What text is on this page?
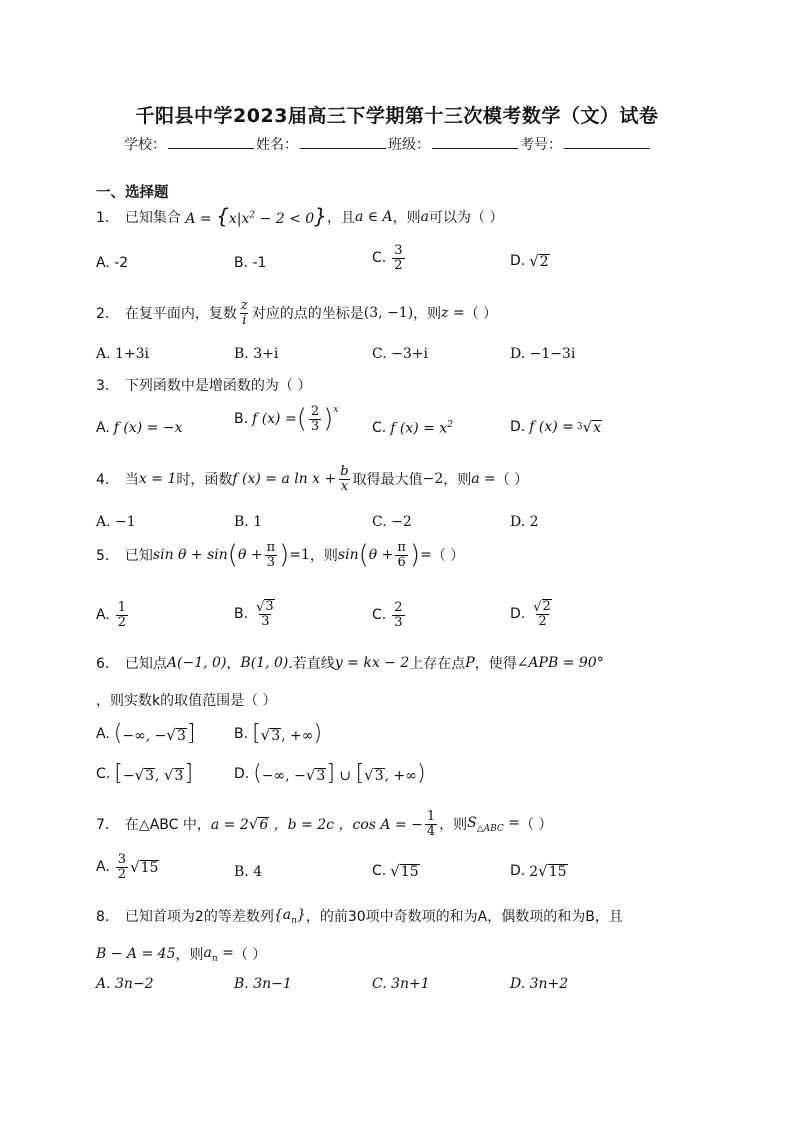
千阳县中学2023届高三下学期第十三次模考数学（文）试卷
学校：	姓名：	班级：	考号：
一、选择题
1． 已知集合 $A = \{x|x^2 - 2 < 0\}$ ，且 a ∈ A ，则 a 可以为（ ）
A. -2	B. -1	C. $\frac{3}{2}$	D. √ 2
2． 在复平面内，复数 $\frac{z}{i}$ 对应的点的坐标是 (3, −1) ，则 z = （ ）
A. 1+3i	B. 3+i	C. −3+i	D. −1−3i
3． 下列函数中是增函数的为（ ）
A. f (x) = −x
B. f (x) = ( $\frac{2}{3} )^x$
C. f $(x) = x^2$	D. f (x) = 3 √ x
4． 当 x = 1 时，函数 f (x) = a $\ln x + \frac{b}{x}$ 取得最大值 −2 ，则 a = （ ）
A. −1	B. 1	C. −2	D. 2
5． 已知 sin θ + sin ( $\theta + \frac{\pi}{3}$ ) =1 ，则 sin ( $\theta + \frac{\pi}{6}$ ) = （ ）
A. $\frac{1}{2}$	B. $\frac{√ 3}{3}$	C. $\frac{2}{3}$	D. $\frac{√ 2}{2}$
6． 已知点 A(−1, 0) ， B(1, 0) .若直线 y = kx − 2 上存在点 P ，使得 ∠APB = 90°
，则实数k的取值范围是（ ）
A. (−∞, − √ 3 ]	B. [ √ 3 , +∞)
C. [− √ 3 , √ 3 ]	D. (−∞, − √ 3 ] ∪ [ √ 3 , +∞)
7． 在△ABC 中， a = 2 √ 6 ，b = 2c ，cos A = − $\frac{1}{4}$ ，则 $S_{\triangle ABC}$ = （ ）
A. $\frac{3}{2}$ √ 15	B. 4	C. √ 15	D. 2 √ 15
8． 已知首项为2的等差数列 $\{a_n\}$ ，的前30项中奇数项的和为A，偶数项的和为B，且
B − A = 45 ，则 $a_n$ = （ ）
A. 3n−2	B. 3n−1	C. 3n+1	D. 3n+2
